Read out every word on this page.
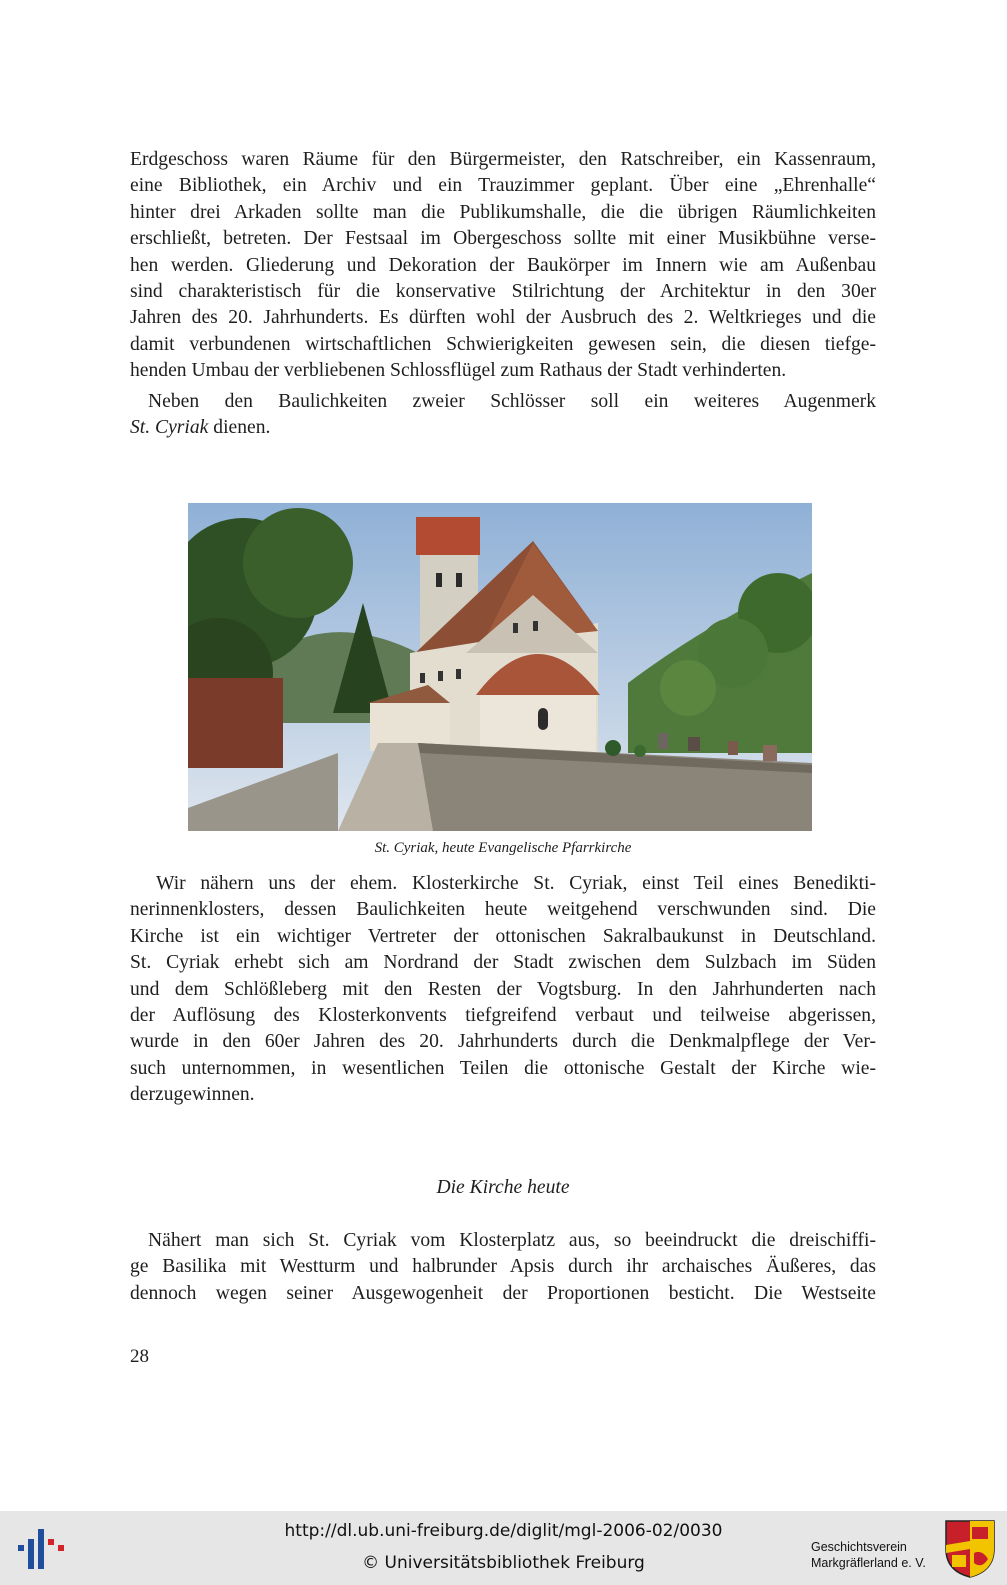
Erdgeschoss waren Räume für den Bürgermeister, den Ratschreiber, ein Kassenraum,
eine Bibliothek, ein Archiv und ein Trauzimmer geplant. Über eine „Ehrenhalle“
hinter drei Arkaden sollte man die Publikumshalle, die die übrigen Räumlichkeiten
erschließt, betreten. Der Festsaal im Obergeschoss sollte mit einer Musikbühne verse-
hen werden. Gliederung und Dekoration der Baukörper im Innern wie am Außenbau
sind charakteristisch für die konservative Stilrichtung der Architektur in den 30er
Jahren des 20. Jahrhunderts. Es dürften wohl der Ausbruch des 2. Weltkrieges und die
damit verbundenen wirtschaftlichen Schwierigkeiten gewesen sein, die diesen tiefge-
henden Umbau der verbliebenen Schlossflügel zum Rathaus der Stadt verhinderten.
Neben den Baulichkeiten zweier Schlösser soll ein weiteres Augenmerk
St. Cyriak dienen.
St. Cyriak, heute Evangelische Pfarrkirche
Wir nähern uns der ehem. Klosterkirche St. Cyriak, einst Teil eines Benedikti-
nerinnenklosters, dessen Baulichkeiten heute weitgehend verschwunden sind. Die
Kirche ist ein wichtiger Vertreter der ottonischen Sakralbaukunst in Deutschland.
St. Cyriak erhebt sich am Nordrand der Stadt zwischen dem Sulzbach im Süden
und dem Schlößleberg mit den Resten der Vogtsburg. In den Jahrhunderten nach
der Auflösung des Klosterkonvents tiefgreifend verbaut und teilweise abgerissen,
wurde in den 60er Jahren des 20. Jahrhunderts durch die Denkmalpflege der Ver-
such unternommen, in wesentlichen Teilen die ottonische Gestalt der Kirche wie-
derzugewinnen.
Die Kirche heute
Nähert man sich St. Cyriak vom Klosterplatz aus, so beeindruckt die dreischiffi-
ge Basilika mit Westturm und halbrunder Apsis durch ihr archaisches Äußeres, das
dennoch wegen seiner Ausgewogenheit der Proportionen besticht. Die Westseite
28
http://dl.ub.uni-freiburg.de/diglit/mgl-2006-02/0030
© Universitätsbibliothek Freiburg
Geschichtsverein
Markgräflerland e. V.
